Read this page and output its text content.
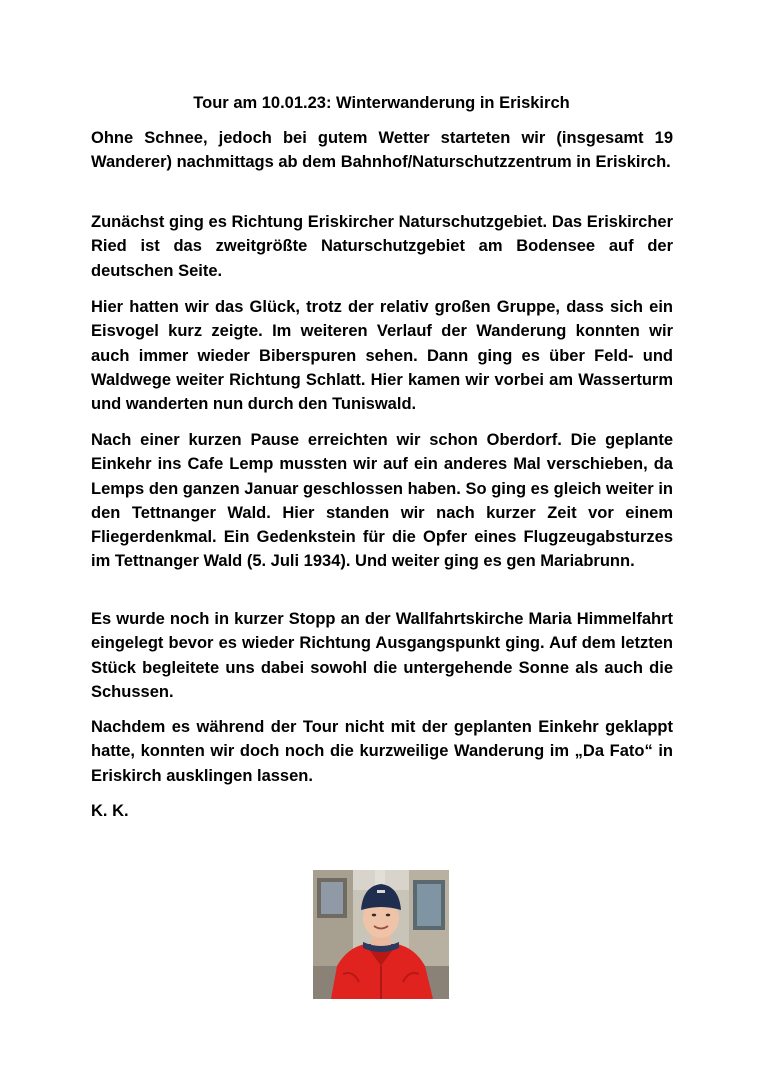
Tour am 10.01.23: Winterwanderung in Eriskirch

Ohne Schnee, jedoch bei gutem Wetter starteten wir (insgesamt 19 Wanderer) nachmittags ab dem Bahnhof/Naturschutzzentrum in Eriskirch.

Zunächst ging es Richtung Eriskircher Naturschutzgebiet. Das Eriskircher Ried ist das zweitgrößte Naturschutzgebiet am Bodensee auf der deutschen Seite.

Hier hatten wir das Glück, trotz der relativ großen Gruppe, dass sich ein Eisvogel kurz zeigte. Im weiteren Verlauf der Wanderung konnten wir auch immer wieder Biberspuren sehen. Dann ging es über Feld- und Waldwege weiter Richtung Schlatt. Hier kamen wir vorbei am Wasserturm und wanderten nun durch den Tuniswald.

Nach einer kurzen Pause erreichten wir schon Oberdorf. Die geplante Einkehr ins Cafe Lemp mussten wir auf ein anderes Mal verschieben, da Lemps den ganzen Januar geschlossen haben. So ging es gleich weiter in den Tettnanger Wald. Hier standen wir nach kurzer Zeit vor einem Fliegerdenkmal. Ein Gedenkstein für die Opfer eines Flugzeugabsturzes im Tettnanger Wald (5. Juli 1934). Und weiter ging es gen Mariabrunn.

Es wurde noch in kurzer Stopp an der Wallfahrtskirche Maria Himmelfahrt eingelegt bevor es wieder Richtung Ausgangspunkt ging. Auf dem letzten Stück begleitete uns dabei sowohl die untergehende Sonne als auch die Schussen.

Nachdem es während der Tour nicht mit der geplanten Einkehr geklappt hatte, konnten wir doch noch die kurzweilige Wanderung im „Da Fato“ in Eriskirch ausklingen lassen.

K. K.
